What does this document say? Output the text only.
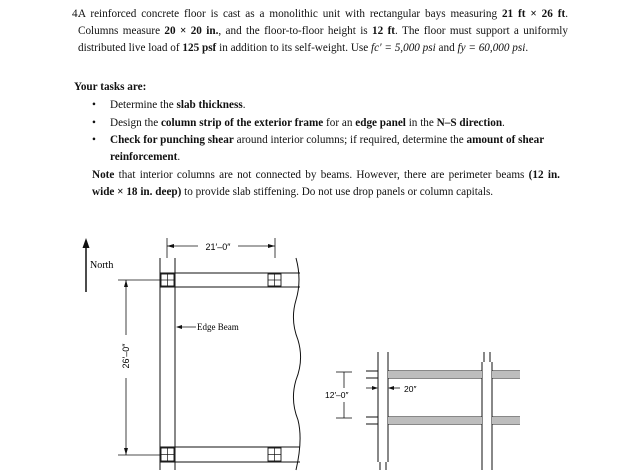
4.
A reinforced concrete floor is cast as a monolithic unit with rectangular bays measuring 21 ft × 26 ft. Columns measure 20 × 20 in., and the floor-to-floor height is 12 ft. The floor must support a uniformly distributed live load of 125 psf in addition to its self-weight. Use fc′ = 5,000 psi and fy = 60,000 psi.
Your tasks are:
• Determine the slab thickness.
• Design the column strip of the exterior frame for an edge panel in the N–S direction.
• Check for punching shear around interior columns; if required, determine the amount of shear reinforcement.
Note that interior columns are not connected by beams. However, there are perimeter beams (12 in. wide × 18 in. deep) to provide slab stiffening. Do not use drop panels or column capitals.
North
21′–0″
26′–0″
Edge Beam
12′–0″
20″
